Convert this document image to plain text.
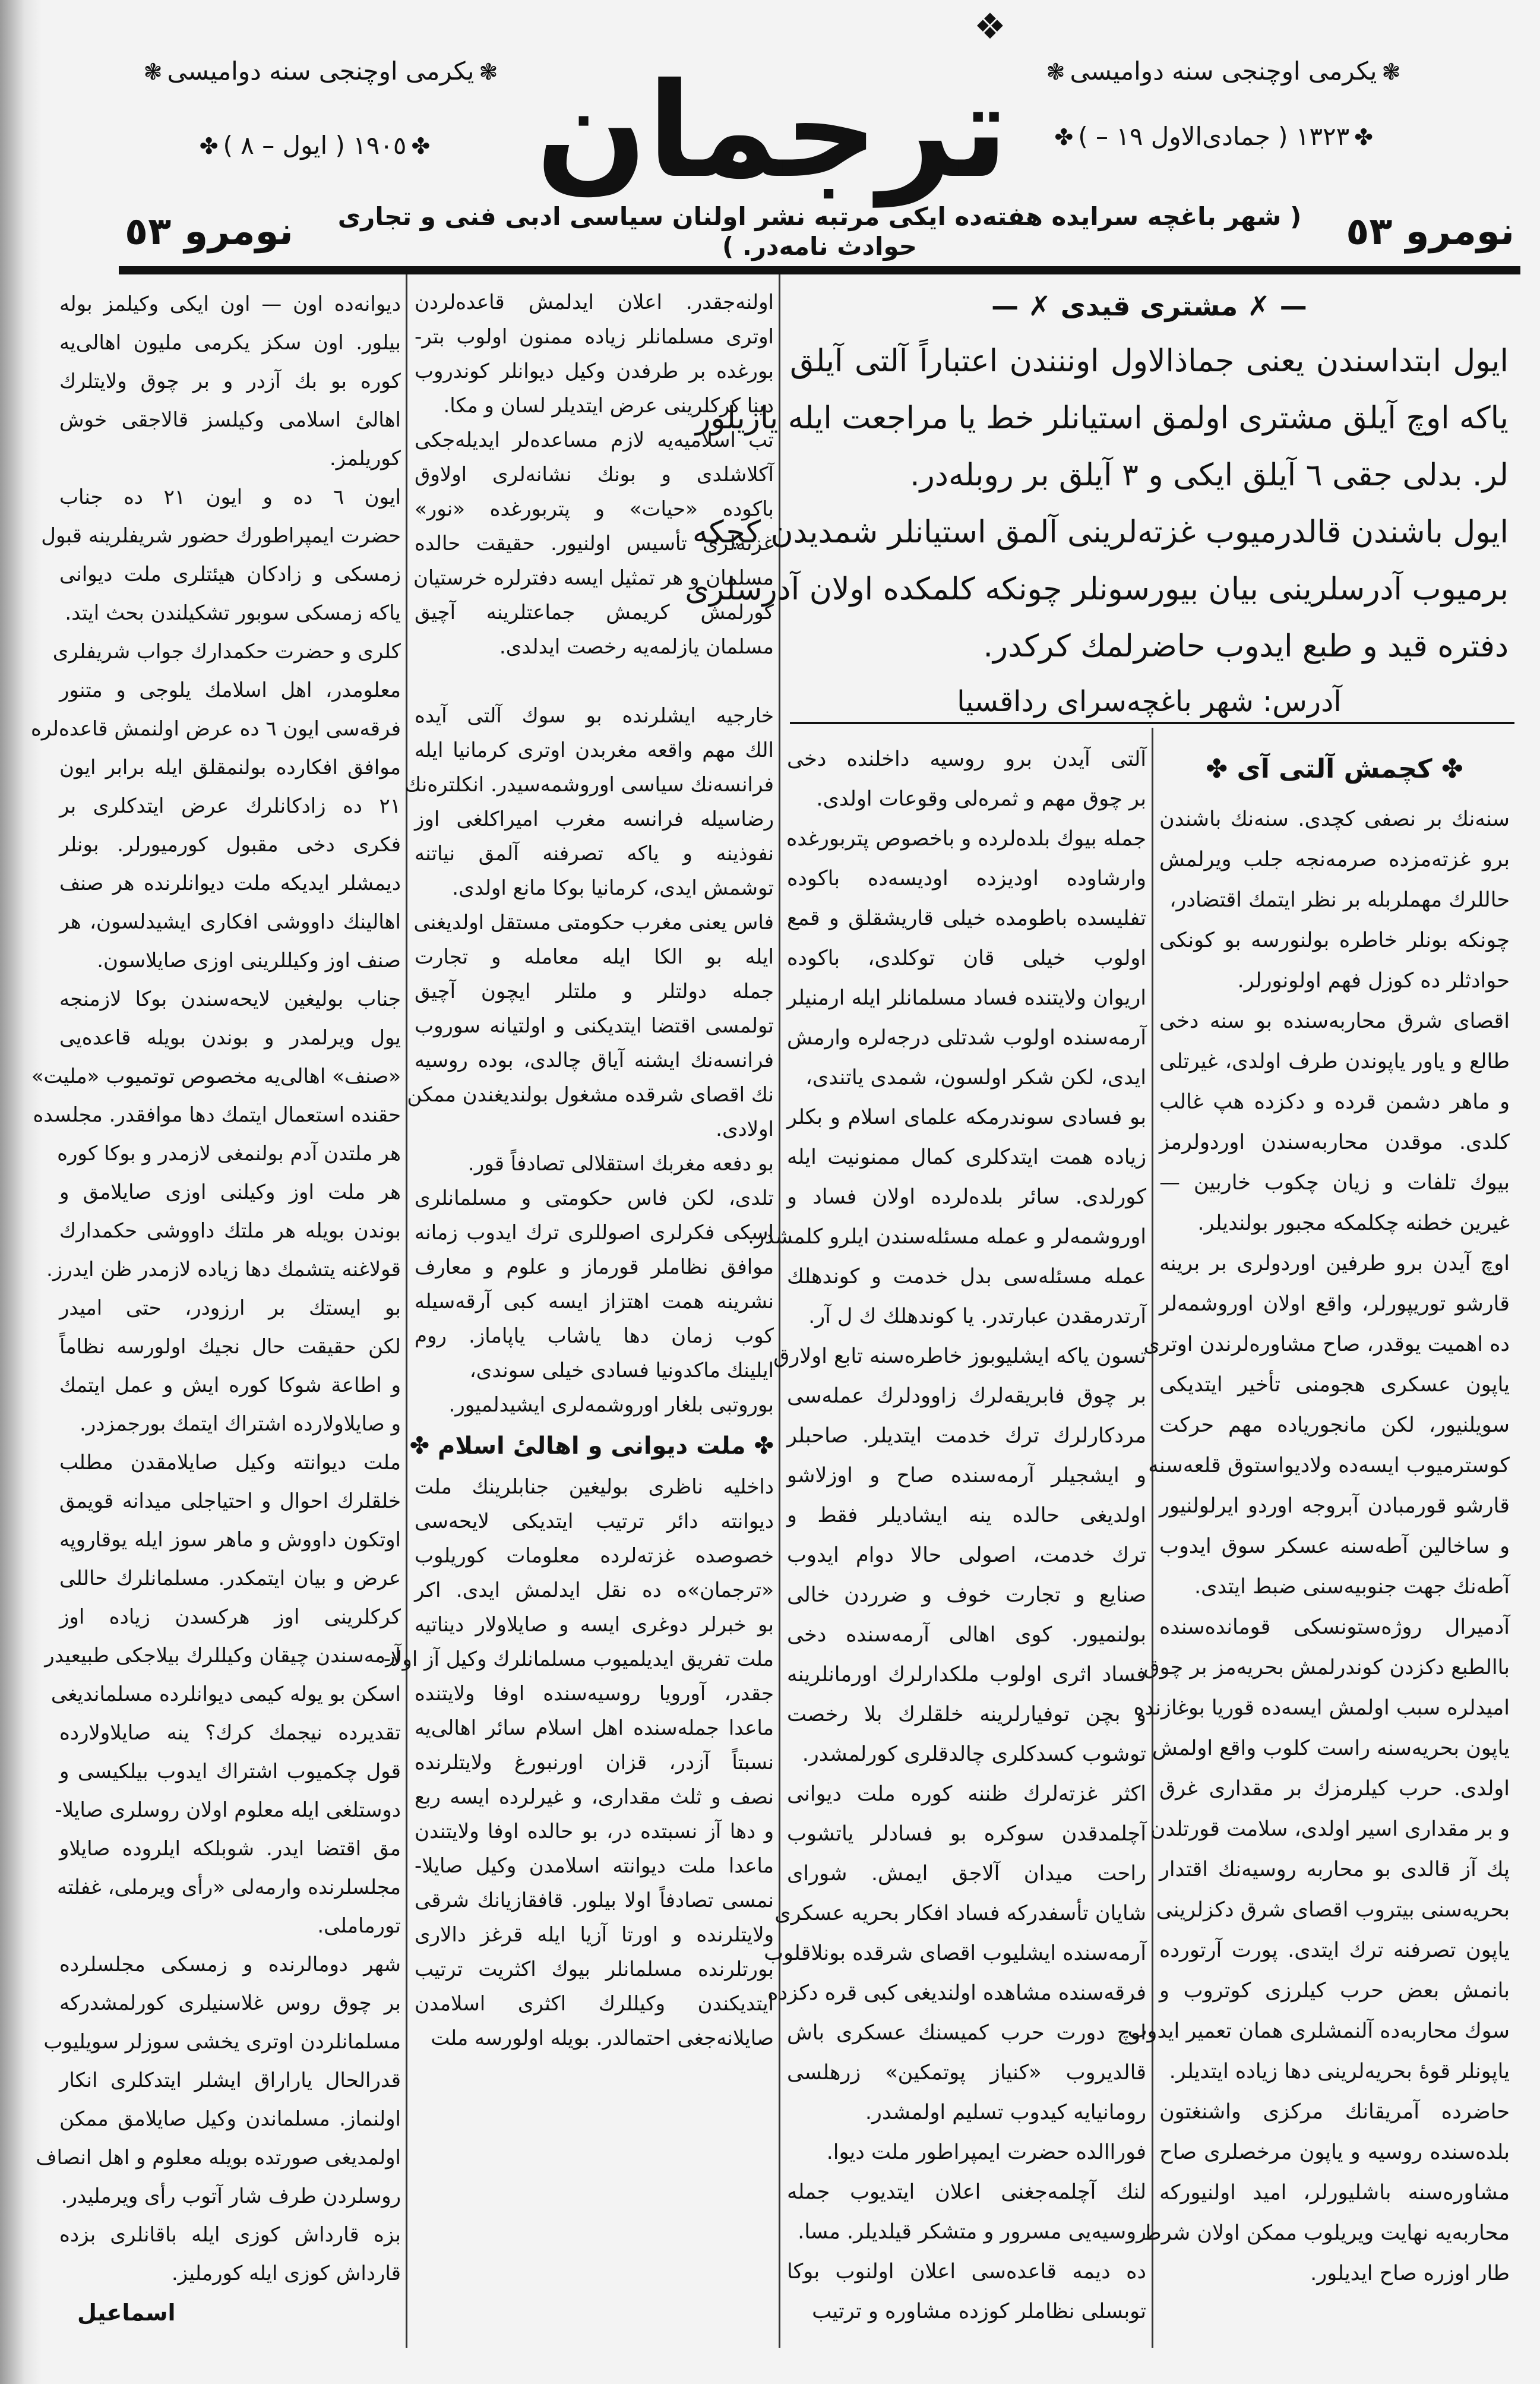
ترجمان
❃یکرمی اوچنجی سنه دوامیسی❃	❃یکرمی اوچنجی سنه دوامیسی❃
✤١٩٠٥ ( ایول – ٨ )✤	✤١٣٢٣ ( جمادی‌الاول ١٩ – )✤
❖
نومرو ٥٣
( شهر باغچه سرایده هفته‌ده ایکی مرتبه نشر اولنان سیاسی ادبی فنی و تجاری حوادث نامه‌در. )
نومرو ٥٣
— ✗ مشتری قیدی ✗ —
ایول ابتداسندن یعنی جماذالاول اوننندن اعتباراً آلتی آیلق
یاکه اوچ آیلق مشتری اولمق استیانلر خط یا مراجعت ایله یازیلور
لر. بدلی جقی ٦ آیلق ایکی و ٣ آیلق بر روبله‌در.
ایول باشندن قالدرمیوب غزته‌لرینی آلمق استیانلر شمدیدن کچکه
برمیوب آدرسلرینی بیان بیورسونلر چونکه کلمکده اولان آدرسلری
دفتره قید و طبع ایدوب حاضرلمك کرکدر.
آدرس: شهر باغچه‌سرای رداقسیا
دیوانه‌ده اون — اون ایکی وکیلمز بوله
بیلور. اون سکز یکرمی ملیون اهالی‌یه
کوره بو بك آزدر و بر چوق ولایتلرك
اهالیٔ اسلامی وکیلسز قالاجقی خوش
کوریلمز.
ایون ٦ ده و ایون ٢١ ده جناب
حضرت ایمپراطورك حضور شریفلرینه قبول
زمسکی و زادکان هیئتلری ملت دیوانی
یاکه زمسکی سوبور تشکیلندن بحث ایتد.
کلری و حضرت حکمدارك جواب شریفلری
معلومدر، اهل اسلامك یلوجی و متنور
فرقه‌سی ایون ٦ ده عرض اولنمش قاعده‌لره
موافق افکارده بولنمقلق ایله برابر ایون
٢١ ده زادکانلرك عرض ایتدکلری بر
فکری دخی مقبول کورمیورلر. بونلر
دیمشلر ایدیکه ملت دیوانلرنده هر صنف
اهالینك داووشی افکاری ایشیدلسون، هر
صنف اوز وکیللرینی اوزی صایلاسون.
جناب بولیغین لایحه‌سندن بوکا لازمنجه
یول ویرلمدر و بوندن بویله قاعده‌یی
«صنف» اهالی‌یه مخصوص توتمیوب «ملیت»
حقنده استعمال ایتمك دها موافقدر. مجلسده
هر ملتدن آدم بولنمغی لازمدر و بوکا کوره
هر ملت اوز وکیلنی اوزی صایلامق و
بوندن بویله هر ملتك داووشی حکمدارك
قولاغنه یتشمك دها زیاده لازمدر ظن ایدرز.
بو ایستك بر ارزودر، حتی امیدر
لکن حقیقت حال نجیك اولورسه نظاماً
و اطاعة شوکا کوره ایش و عمل ایتمك
و صایلاولارده اشتراك ایتمك بورجمزدر.
ملت دیوانته وکیل صایلامقدن مطلب
خلقلرك احوال و احتیاجلی میدانه قویمق
اوتکون داووش و ماهر سوز ایله یوقاروپه
عرض و بیان ایتمکدر. مسلمانلرك حاللی
کرکلرینی اوز هرکسدن زیاده اوز
آرمه‌سندن چیقان وکیللرك بیلاجکی طبیعیدر
اسکن بو یوله کیمی دیوانلرده مسلماندیغی
تقدیرده نیجمك کرك؟ ینه صایلاولارده
قول چکمیوب اشتراك ایدوب بیلکیسی و
دوستلغی ایله معلوم اولان روسلری صایلا-
مق اقتضا ایدر. شوبلکه ایلروده صایلاو
مجلسلرنده وارمه‌لی «رأی ویرملی، غفلته
تورماملی.
شهر دومالرنده و زمسکی مجلسلرده
بر چوق روس غلاسنیلری کورلمشدرکه
مسلمانلردن اوتری یخشی سوزلر سویلیوب
قدرالحال یاراراق ایشلر ایتدکلری انکار
اولنماز. مسلماندن وکیل صایلامق ممکن
اولمدیغی صورتده بویله معلوم و اهل انصاف
روسلردن طرف شار آتوب رأی ویرملیدر.
بزه قارداش کوزی ایله باقانلری بزده
قارداش کوزی ایله کورملیز.
اسماعیل
اولنه‌جقدر. اعلان ایدلمش قاعده‌لردن
اوتری مسلمانلر زیاده ممنون اولوب بتر-
بورغده بر طرفدن وکیل دیوانلر کوندروب
دینا کرکلرینی عرض ایتدیلر لسان و مکا.
تب اسلامیه‌یه لازم مساعده‌لر ایدیله‌جکی
آکلاشلدی و بونك نشانه‌لری اولاوق
باکوده «حیات» و پتربورغده «نور»
غزته‌لری تأسیس اولنیور. حقیقت حالده
مسلمان و هر تمثیل ایسه دفترلره خرستیان
کورلمش کریمش جماعتلرینه آچیق
مسلمان یازلمه‌یه رخصت ایدلدی.
خارجیه ایشلرنده بو سوك آلتی آیده
الك مهم واقعه مغربدن اوتری کرمانیا ایله
فرانسه‌نك سیاسی اوروشمه‌سیدر. انکلتره‌نك
رضاسیله فرانسه مغرب امیراکلغی اوز
نفوذینه و یاکه تصرفنه آلمق نیاتنه
توشمش ایدی، کرمانیا بوکا مانع اولدی.
فاس یعنی مغرب حکومتی مستقل اولدیغنی
ایله بو الکا ایله معامله و تجارت
جمله دولتلر و ملتلر ایچون آچیق
تولمسی اقتضا ایتدیکنی و اولتیانه سوروب
فرانسه‌نك ایشنه آیاق چالدی، بوده روسیه
نك اقصای شرقده مشغول بولندیغندن ممکن
اولادی.
بو دفعه مغربك استقلالی تصادفاً قور.
تلدی، لکن فاس حکومتی و مسلمانلری
اسکی فکرلری اصوللری ترك ایدوب زمانه
موافق نظاملر قورماز و علوم و معارف
نشرینه همت اهتزاز ایسه کبی آرقه‌سیله
کوب زمان دها یاشاب یاپاماز. روم
ایلینك ماکدونیا فسادی خیلی سوندی،
بوروتبی بلغار اوروشمه‌لری ایشیدلمیور.
✤ ملت دیوانی و اهالیٔ اسلام ✤
داخلیه ناظری بولیغین جنابلرینك ملت
دیوانته دائر ترتیب ایتدیکی لایحه‌سی
خصوصده غزته‌لرده معلومات کوریلوب
«ترجمان»ه ده نقل ایدلمش ایدی. اکر
بو خبرلر دوغری ایسه و صایلاولار دیناتیه
ملت تفریق ایدیلمیوب مسلمانلرك وکیل آز اولا-
جقدر، آورویا روسیه‌سنده اوفا ولایتنده
ماعدا جمله‌سنده اهل اسلام سائر اهالی‌یه
نسبتاً آزدر، قزان اورنبورغ ولایتلرنده
نصف و ثلث مقداری، و غیرلرده ایسه ربع
و دها آز نسبتده در، بو حالده اوفا ولایتندن
ماعدا ملت دیوانته اسلامدن وکیل صایلا-
نمسی تصادفاً اولا بیلور. قافقازیانك شرقی
ولایتلرنده و اورتا آزیا ایله قرغز دالاری
بورتلرنده مسلمانلر بیوك اکثریت ترتیب
ایتدیکندن وکیللرك اکثری اسلامدن
صایلانه‌جغی احتمالدر. بویله اولورسه ملت
آلتی آیدن برو روسیه داخلنده دخی
بر چوق مهم و ثمره‌لی وقوعات اولدی.
جمله بیوك بلده‌لرده و باخصوص پتربورغده
وارشاوده اودیزده اودیسه‌ده باکوده
تفلیسده باطومده خیلی قاریشقلق و قمع
اولوب خیلی قان توکلدی، باکوده
اریوان ولایتنده فساد مسلمانلر ایله ارمنیلر
آرمه‌سنده اولوب شدتلی درجه‌لره وارمش
ایدی، لکن شکر اولسون، شمدی یاتندی،
بو فسادی سوندرمکه علمای اسلام و بکلر
زیاده همت ایتدکلری کمال ممنونیت ایله
کورلدی. سائر بلده‌لرده اولان فساد و
اوروشمه‌لر و عمله مسئله‌سندن ایلرو کلمشدر.
عمله مسئله‌سی بدل خدمت و کوندهلك
آرتدرمقدن عبارتدر. یا کوندهلك ك ل آر.
تسون یاکه ایشلیوبوز خاطره‌سنه تابع اولارق
بر چوق فابریقه‌لرك زاوودلرك عمله‌سی
مردکارلرك ترك خدمت ایتدیلر. صاحبلر
و ایشجیلر آرمه‌سنده صاح و اوزلاشو
اولدیغی حالده ینه ایشادیلر فقط و
ترك خدمت، اصولی حالا دوام ایدوب
صنایع و تجارت خوف و ضرردن خالی
بولنمیور. کوی اهالی آرمه‌سنده دخی
فساد اثری اولوب ملکدارلرك اورمانلرینه
و بچن توفیارلرینه خلقلرك بلا رخصت
توشوب کسدکلری چالدقلری کورلمشدر.
اکثر غزته‌لرك ظننه کوره ملت دیوانی
آچلمدقدن سوکره بو فسادلر یاتشوب
راحت میدان آلاجق ایمش. شورای
شایان تأسفدرکه فساد افکار بحریه عسکری
آرمه‌سنده ایشلیوب اقصای شرقده بونلاقلوب
فرقه‌سنده مشاهده اولندیغی کبی قره دکزده
اوچ دورت حرب کمیسنك عسکری باش
قالدیروب «کنیاز پوتمکین» زرهلسی
رومانیایه کیدوب تسلیم اولمشدر.
فوراالده حضرت ایمپراطور ملت دیوا.
لنك آچلمه‌جغنی اعلان ایتدیوب جمله
روسیه‌یی مسرور و متشکر قیلدیلر. مسا.
ده دیمه قاعده‌سی اعلان اولنوب بوکا
توبسلی نظاملر کوزده مشاوره و ترتیب
✤ کچمش آلتی آی ✤
سنه‌نك بر نصفی کچدی. سنه‌نك باشندن
برو غزته‌مزده صرمه‌نجه جلب ویرلمش
حاللرك مهملربله بر نظر ایتمك اقتضادر،
چونکه بونلر خاطره بولنورسه بو کونکی
حوادثلر ده کوزل فهم اولونورلر.
اقصای شرق محاربه‌سنده بو سنه دخی
طالع و یاور یاپوندن طرف اولدی، غیرتلی
و ماهر دشمن قرده و دکزده هپ غالب
کلدی. موقدن محاربه‌سندن اوردولرمز
بیوك تلفات و زیان چکوب خاربین —
غیرین خطنه چکلمکه مجبور بولندیلر.
اوچ آیدن برو طرفین اوردولری بر برینه
قارشو توریپورلر، واقع اولان اوروشمه‌لر
ده اهمیت یوقدر، صاح مشاوره‌لرندن اوتری
یاپون عسکری هجومنی تأخیر ایتدیکی
سویلنیور، لکن مانجوریاده مهم حرکت
کوسترمیوب ایسه‌ده ولادیواستوق قلعه‌سنه
قارشو قورمبادن آبروجه اوردو ایرلولنیور
و ساخالین آطه‌سنه عسکر سوق ایدوب
آطه‌نك جهت جنوبیه‌سنی ضبط ایتدی.
آدمیرال روژه‌ستونسکی قومانده‌سنده
باالطبع دکزدن کوندرلمش بحریه‌مز بر چوق
امیدلره سبب اولمش ایسه‌ده قوریا بوغازنده
یاپون بحریه‌سنه راست کلوب واقع اولمش
اولدی. حرب کیلرمزك بر مقداری غرق
و بر مقداری اسیر اولدی، سلامت قورتلدن
پك آز قالدی بو محاربه روسیه‌نك اقتدار
بحریه‌سنی بیتروب اقصای شرق دکزلرینی
یاپون تصرفنه ترك ایتدی. پورت آرتورده
بانمش بعض حرب کیلرزی کوتروب و
سوك محاربه‌ده آلنمشلری همان تعمیر ایدوب
یاپونلر قوۀ بحریه‌لرینی دها زیاده ایتدیلر.
حاضرده آمریقانك مرکزی واشنغتون
بلده‌سنده روسیه و یاپون مرخصلری صاح
مشاوره‌سنه باشلیورلر، امید اولنیورکه
محاربه‌یه نهایت ویریلوب ممکن اولان شرط
طار اوزره صاح ایدیلور.
